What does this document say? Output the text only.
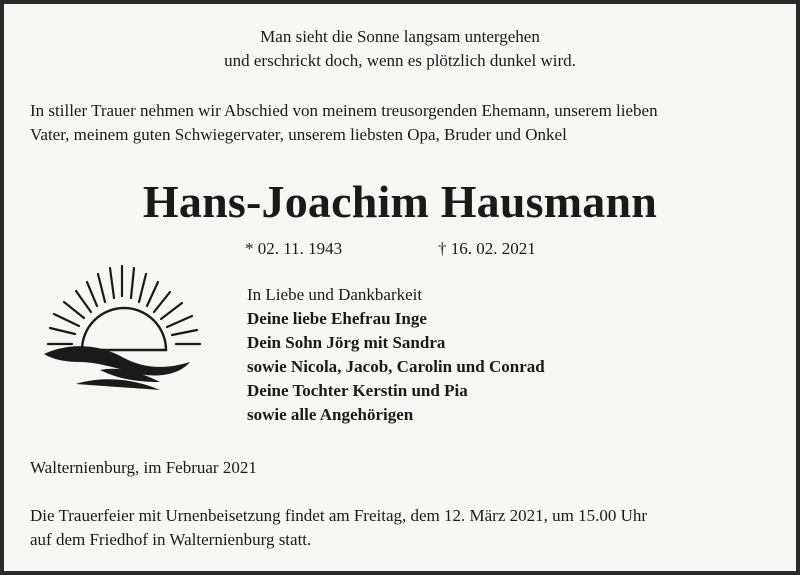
Man sieht die Sonne langsam untergehen
und erschrickt doch, wenn es plötzlich dunkel wird.
In stiller Trauer nehmen wir Abschied von meinem treusorgenden Ehemann, unserem lieben
Vater, meinem guten Schwiegervater, unserem liebsten Opa, Bruder und Onkel
Hans-Joachim Hausmann
* 02. 11. 1943	† 16. 02. 2021
In Liebe und Dankbarkeit
Deine liebe Ehefrau Inge
Dein Sohn Jörg mit Sandra
sowie Nicola, Jacob, Carolin und Conrad
Deine Tochter Kerstin und Pia
sowie alle Angehörigen
Walternienburg, im Februar 2021
Die Trauerfeier mit Urnenbeisetzung findet am Freitag, dem 12. März 2021, um 15.00 Uhr
auf dem Friedhof in Walternienburg statt.
